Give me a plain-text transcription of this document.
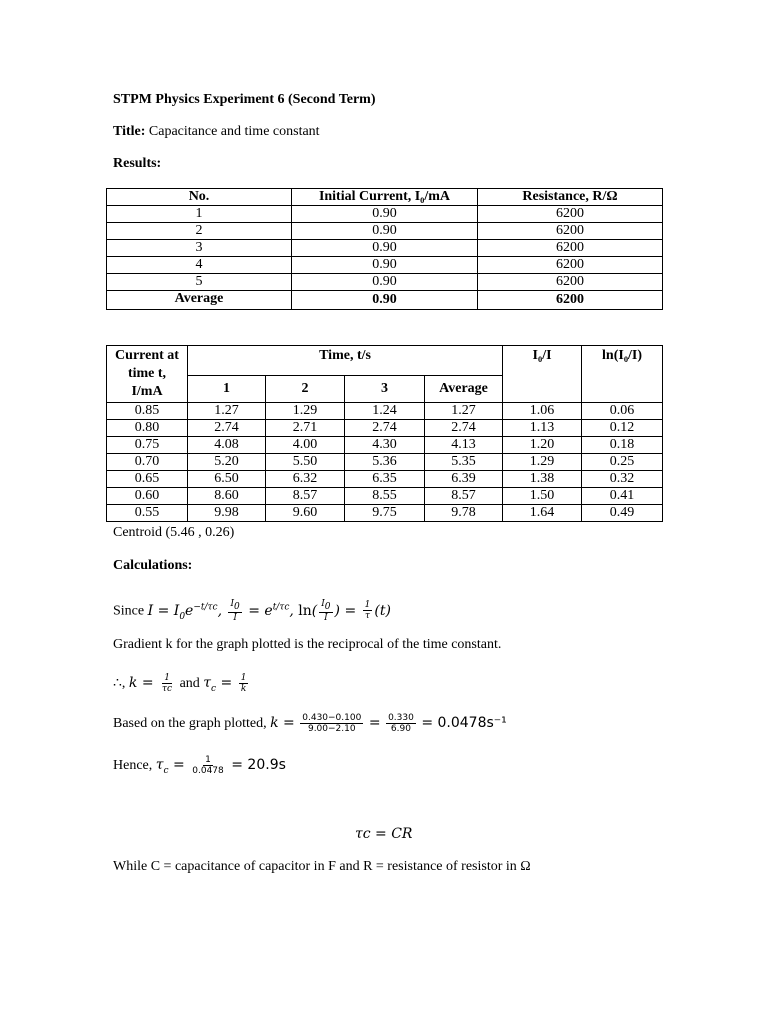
STPM Physics Experiment 6 (Second Term)
Title: Capacitance and time constant
Results:
No.	Initial Current, I₀/mA	Resistance, R/Ω
1	0.90	6200
2	0.90	6200
3	0.90	6200
4	0.90	6200
5	0.90	6200
Average	0.90	6200
Current at time t, I/mA	Time, t/s				I₀/I	ln(I₀/I)
	1	2	3	Average		
0.85	1.27	1.29	1.24	1.27	1.06	0.06
0.80	2.74	2.71	2.74	2.74	1.13	0.12
0.75	4.08	4.00	4.30	4.13	1.20	0.18
0.70	5.20	5.50	5.36	5.35	1.29	0.25
0.65	6.50	6.32	6.35	6.39	1.38	0.32
0.60	8.60	8.57	8.55	8.57	1.50	0.41
0.55	9.98	9.60	9.75	9.78	1.64	0.49
Centroid (5.46 , 0.26)
Calculations:
Since $I = I_0e^{-t/\tau c}$, $\frac{I_0}{I} = e^{t/\tau c}$, $\ln( \frac{I_0}{I}$ ) = $\frac{1}{\tau} (t)$
Gradient k for the graph plotted is the reciprocal of the time constant.
∴, $k = \frac{1}{\tau c}$ and $\tau_c = \frac{1}{k}$
Based on the graph plotted, $k = \frac{0.430-0.100}{9.00-2.10} = \frac{0.330}{6.90} = 0.0478s^{-1}$
Hence, $\tau_c = \frac{1}{0.0478} = 20.9s$
τc = CR
While C = capacitance of capacitor in F and R = resistance of resistor in Ω
